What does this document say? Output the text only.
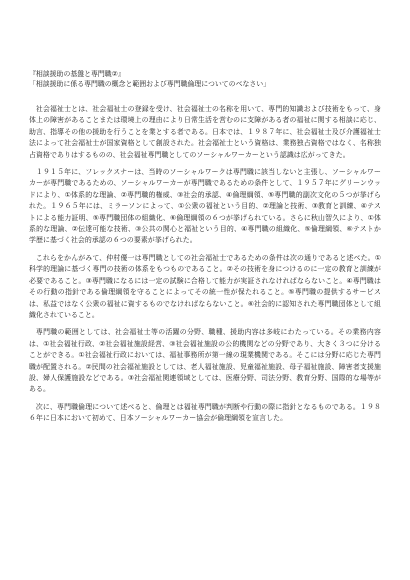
『相談援助の基盤と専門職②』

「相談援助に係る専門職の概念と範囲および専門職倫理についてのべなさい」

社会福祉士とは、社会福祉士の登録を受け、社会福祉士の名称を用いて、専門的知識および技術をもって、身体上の障害があることまたは環境上の理由により日常生活を営むのに支障がある者の福祉に関する相談に応じ、助言、指導その他の援助を行うことを業とする者である。日本では、１９８７年に、社会福祉士及び介護福祉士法によって社会福祉士が国家資格として創設された。社会福祉士という資格は、業務独占資格ではなく、名称独占資格でありはするものの、社会福祉専門職としてのソーシャルワーカーという認識は広がってきた。

１９１５年に、フレックスナーは、当時のソーシャルワークは専門職に該当しないと主張し、ソーシャルワーカーが専門職であるための、ソーシャルワーカーが専門職であるための条件として、１９５７年にグリーンウッドにより、①体系的な理論、②専門職的権威、③社会的承認、④倫理綱領、⑤専門職的副次文化の５つが挙げられた。１９６５年には、ミラーソンによって、①公衆の福祉という目的、②理論と技術、③教育と訓練、④テストによる能力証明、⑤専門職団体の組織化、⑥倫理綱領の６つが挙げられている。さらに秋山智久により、①体系的な理論、②伝達可能な技術、③公共の関心と福祉という目的、④専門職の組織化、⑤倫理綱領、⑥テストか学歴に基づく社会的承認の６つの要素が挙げられた。

これらをかんがみて、仲村優一は専門職としての社会福祉士であるための条件は次の通りであると述べた。①科学的理論に基づく専門の技術の体系をもつものであること。②その技術を身につけるのに一定の教育と訓練が必要であること。③専門職になるには一定の試験に合格して能力が実証されなければならないこと。④専門職はその行動の指針である倫理綱領を守ることによってその統一性が保たれること。⑤専門職の提供するサービスは、私益ではなく公衆の福祉に資するものでなければならないこと。⑥社会的に認知された専門職団体として組織化されていること。

専門職の範囲としては、社会福祉士等の活躍の分野、職種、援助内容は多岐にわたっている。その業務内容は、①社会福祉行政、②社会福祉施設経営、③社会福祉施設の公的機関などの分野であり、大きく３つに分けることができる。①社会福祉行政においては、福祉事務所が第一線の現業機関である。そこには分野に応じた専門職が配置される。②民間の社会福祉施設としては、老人福祉施設、児童福祉施設、母子福祉施設、障害者支援施設、婦人保護施設などである。③社会福祉関連領域としては、医療分野、司法分野、教育分野、国際的な場等がある。

次に、専門職倫理について述べると、倫理とは福祉専門職が判断や行動の際に指針となるものである。１９８６年に日本において初めて、日本ソーシャルワーカー協会が倫理綱領を宣言した。
